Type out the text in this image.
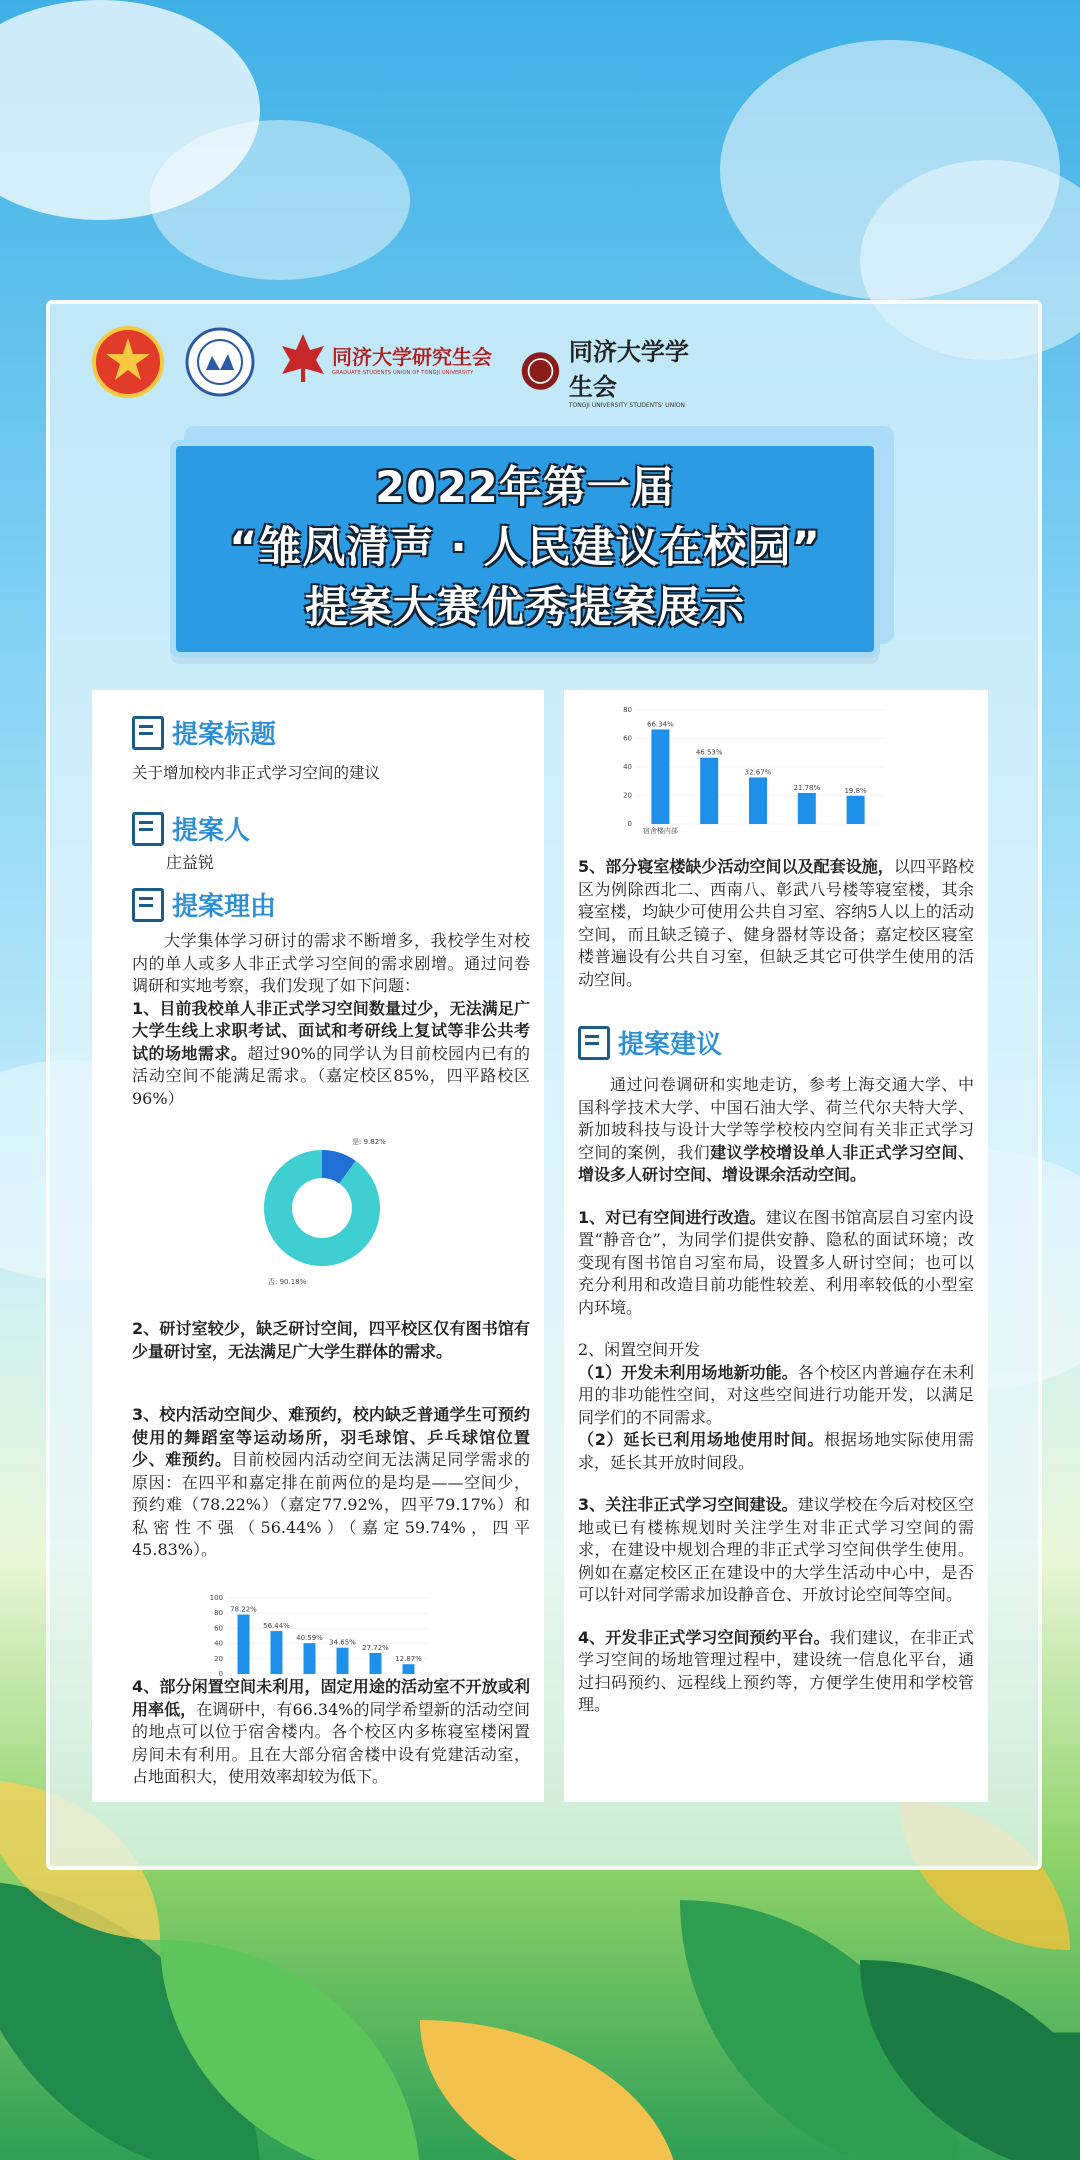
同济大学研究生会
GRADUATE STUDENTS UNION OF TONGJI UNIVERSITY
同济大学学生会
TONGJI UNIVERSITY STUDENTS' UNION
2022年第一届
“雏凤清声 · 人民建议在校园”
提案大赛优秀提案展示
提案标题
关于增加校内非正式学习空间的建议
提案人
庄益锐
提案理由

大学集体学习研讨的需求不断增多，我校学生对校内的单人或多人非正式学习空间的需求剧增。通过问卷调研和实地考察，我们发现了如下问题：

1、目前我校单人非正式学习空间数量过少，无法满足广大学生线上求职考试、面试和考研线上复试等非公共考试的场地需求。超过90%的同学认为目前校园内已有的活动空间不能满足需求。（嘉定校区85%，四平路校区96%）

是: 9.82%
否: 90.18%

2、研讨室较少，缺乏研讨空间，四平校区仅有图书馆有少量研讨室，无法满足广大学生群体的需求。

3、校内活动空间少、难预约，校内缺乏普通学生可预约使用的舞蹈室等运动场所，羽毛球馆、乒乓球馆位置少、难预约。目前校园内活动空间无法满足同学需求的原因：在四平和嘉定排在前两位的是均是——空间少，预约难（78.22%）（嘉定77.92%，四平79.17%）和私密性不强（56.44%）（嘉定59.74%，四平45.83%）。

100
80
60
40
20
0
78.22%
56.44%
40.59%
34.65%
27.72%
12.87%

4、部分闲置空间未利用，固定用途的活动室不开放或利用率低，在调研中，有66.34%的同学希望新的活动空间的地点可以位于宿舍楼内。各个校区内多栋寝室楼闲置房间未有利用。且在大部分宿舍楼中设有党建活动室，占地面积大，使用效率却较为低下。

80
60
40
20
0
66.34%
宿舍楼内部
46.53%
32.67%
21.78%	19.8%

5、部分寝室楼缺少活动空间以及配套设施，以四平路校区为例除西北二、西南八、彰武八号楼等寝室楼，其余寝室楼，均缺少可使用公共自习室、容纳5人以上的活动空间，而且缺乏镜子、健身器材等设备；嘉定校区寝室楼普遍设有公共自习室，但缺乏其它可供学生使用的活动空间。

提案建议

通过问卷调研和实地走访，参考上海交通大学、中国科学技术大学、中国石油大学、荷兰代尔夫特大学、新加坡科技与设计大学等学校校内空间有关非正式学习空间的案例，我们建议学校增设单人非正式学习空间、增设多人研讨空间、增设课余活动空间。

1、对已有空间进行改造。建议在图书馆高层自习室内设置“静音仓”，为同学们提供安静、隐私的面试环境；改变现有图书馆自习室布局，设置多人研讨空间；也可以充分利用和改造目前功能性较差、利用率较低的小型室内环境。

2、闲置空间开发

（1）开发未利用场地新功能。各个校区内普遍存在未利用的非功能性空间，对这些空间进行功能开发，以满足同学们的不同需求。

（2）延长已利用场地使用时间。根据场地实际使用需求，延长其开放时间段。

3、关注非正式学习空间建设。建议学校在今后对校区空地或已有楼栋规划时关注学生对非正式学习空间的需求，在建设中规划合理的非正式学习空间供学生使用。例如在嘉定校区正在建设中的大学生活动中心中，是否可以针对同学需求加设静音仓、开放讨论空间等空间。

4、开发非正式学习空间预约平台。我们建议，在非正式学习空间的场地管理过程中，建设统一信息化平台，通过扫码预约、远程线上预约等，方便学生使用和学校管理。
